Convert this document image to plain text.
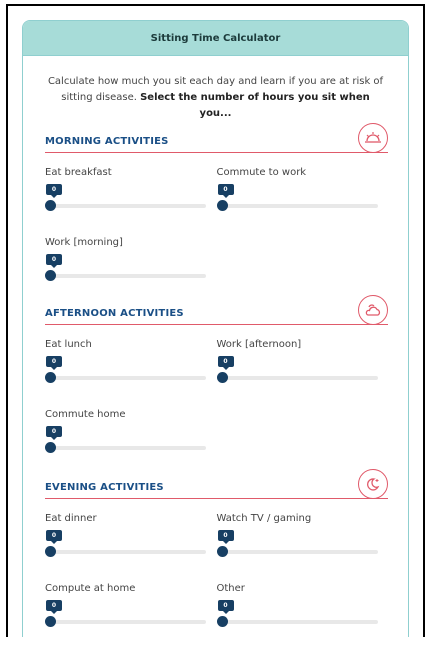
Sitting Time Calculator
Calculate how much you sit each day and learn if you are at risk of sitting disease. Select the number of hours you sit when you...
MORNING ACTIVITIES
Eat breakfast
0
Commute to work
0
Work [morning]
0
AFTERNOON ACTIVITIES
Eat lunch
0
Work [afternoon]
0
Commute home
0
EVENING ACTIVITIES
Eat dinner
0
Watch TV / gaming
0
Compute at home
0
Other
0
